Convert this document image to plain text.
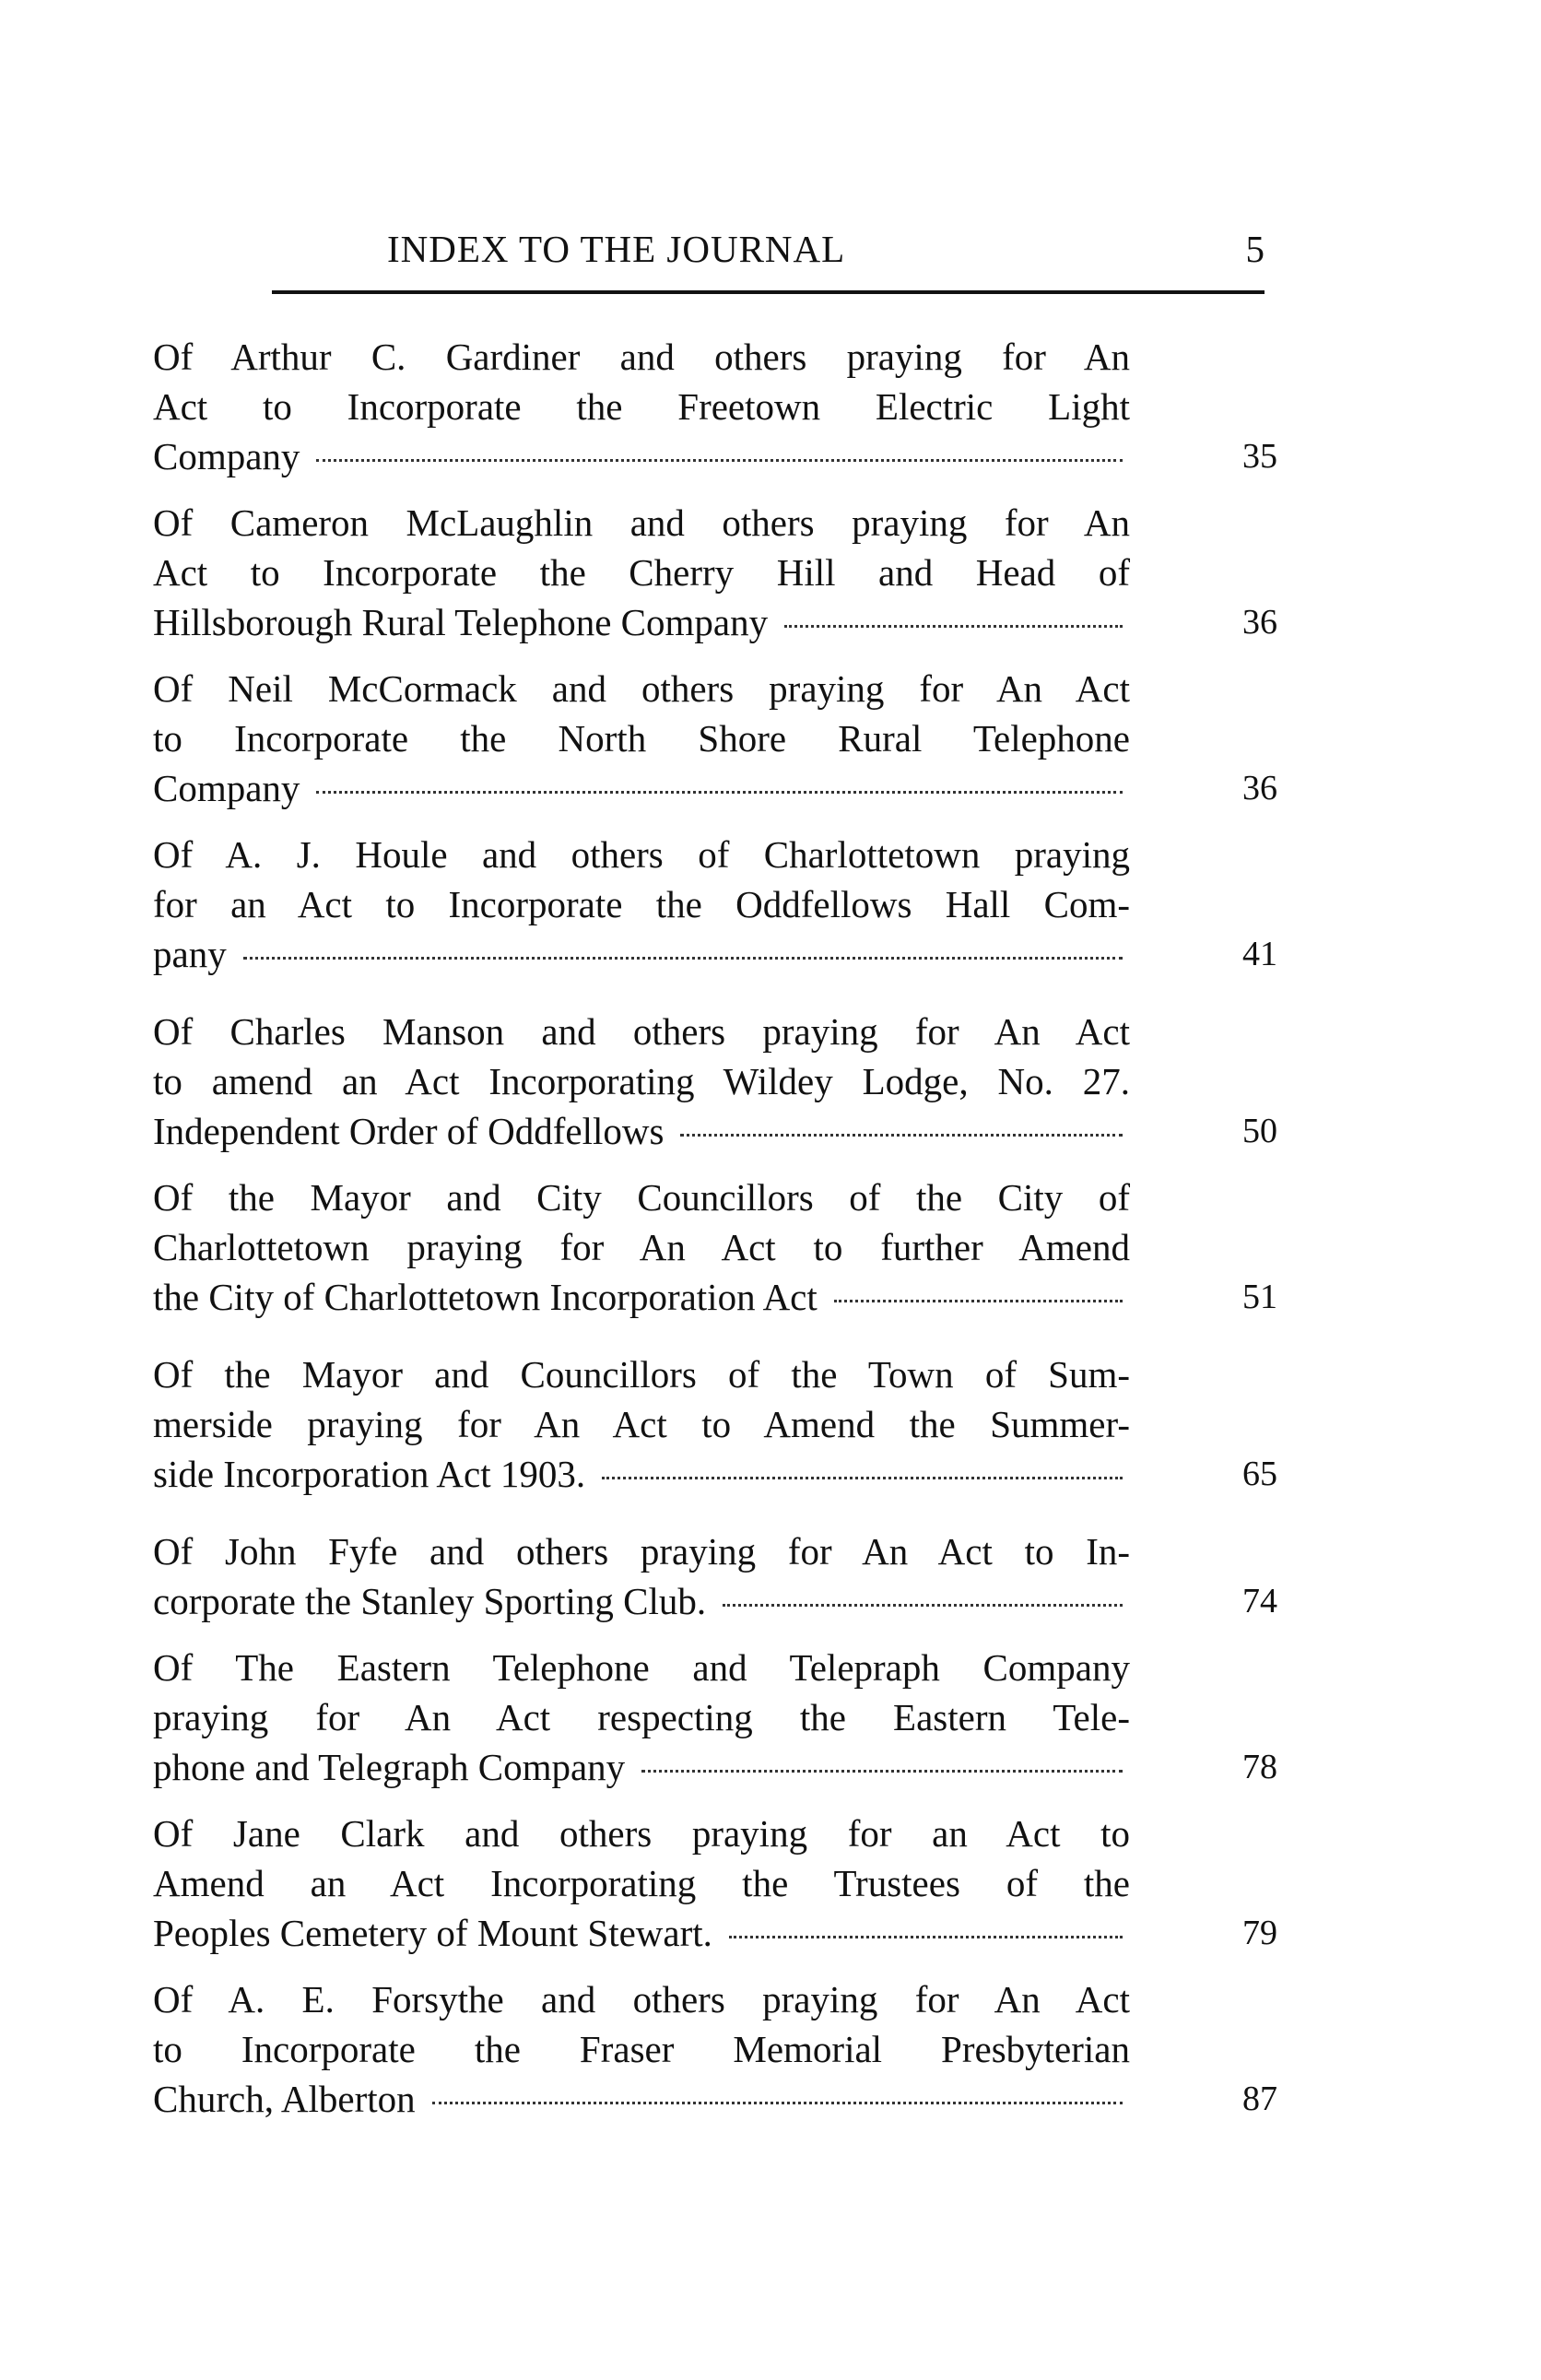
INDEX TO THE JOURNAL	5
Of Arthur C. Gardiner and others praying for An
Act to Incorporate the Freetown Electric Light
Company	35
Of Cameron McLaughlin and others praying for An
Act to Incorporate the Cherry Hill and Head of
Hillsborough Rural Telephone Company	36
Of Neil McCormack and others praying for An Act
to Incorporate the North Shore Rural Telephone
Company	36
Of A. J. Houle and others of Charlottetown praying
for an Act to Incorporate the Oddfellows Hall Com-
pany	41
Of Charles Manson and others praying for An Act
to amend an Act Incorporating Wildey Lodge, No. 27.
Independent Order of Oddfellows	50
Of the Mayor and City Councillors of the City of
Charlottetown praying for An Act to further Amend
the City of Charlottetown Incorporation Act	51
Of the Mayor and Councillors of the Town of Sum-
merside praying for An Act to Amend the Summer-
side Incorporation Act 1903.	65
Of John Fyfe and others praying for An Act to In-
corporate the Stanley Sporting Club.	74
Of The Eastern Telephone and Telepraph Company
praying for An Act respecting the Eastern Tele-
phone and Telegraph Company	78
Of Jane Clark and others praying for an Act to
Amend an Act Incorporating the Trustees of the
Peoples Cemetery of Mount Stewart.	79
Of A. E. Forsythe and others praying for An Act
to Incorporate the Fraser Memorial Presbyterian
Church, Alberton	87
